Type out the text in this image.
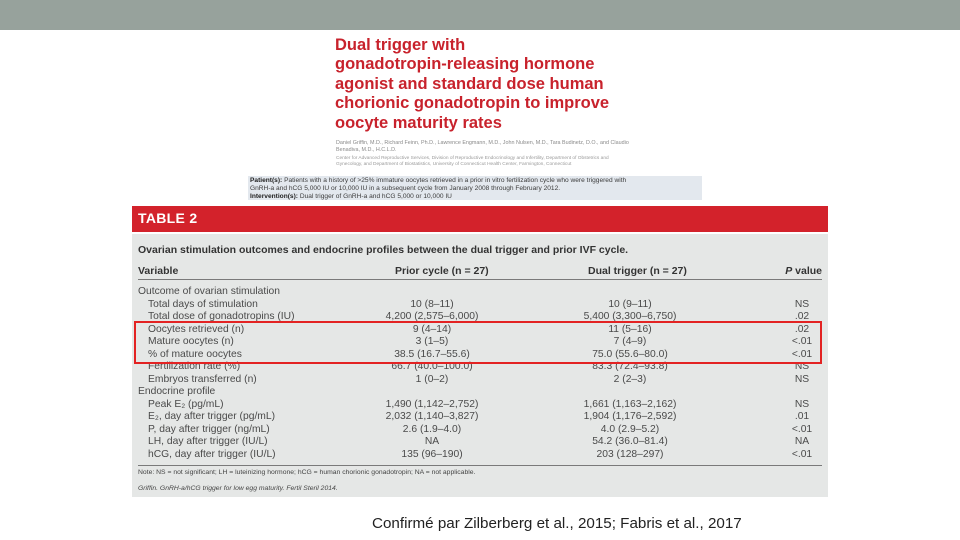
Dual trigger with
gonadotropin-releasing hormone
agonist and standard dose human
chorionic gonadotropin to improve
oocyte maturity rates
Daniel Griffin, M.D., Richard Feinn, Ph.D., Lawrence Engmann, M.D., John Nulsen, M.D., Tara Budinetz, D.O., and Claudio Benadiva, M.D., H.C.L.D.
Center for Advanced Reproductive Services, Division of Reproductive Endocrinology and Infertility, Department of Obstetrics and Gynecology, and Department of Biostatistics, University of Connecticut Health Center, Farmington, Connecticut
Patient(s): Patients with a history of >25% immature oocytes retrieved in a prior in vitro fertilization cycle who were triggered with
GnRH-a and hCG 5,000 IU or 10,000 IU in a subsequent cycle from January 2008 through February 2012.
Intervention(s): Dual trigger of GnRH-a and hCG 5,000 or 10,000 IU
TABLE 2
Ovarian stimulation outcomes and endocrine profiles between the dual trigger and prior IVF cycle.
Variable	Prior cycle (n = 27)	Dual trigger (n = 27)	P value
Outcome of ovarian stimulation
Total days of stimulation	10 (8–11)	10 (9–11)	NS
Total dose of gonadotropins (IU)	4,200 (2,575–6,000)	5,400 (3,300–6,750)	.02
Oocytes retrieved (n)	9 (4–14)	11 (5–16)	.02
Mature oocytes (n)	3 (1–5)	7 (4–9)	<.01
% of mature oocytes	38.5 (16.7–55.6)	75.0 (55.6–80.0)	<.01
Fertilization rate (%)	66.7 (40.0–100.0)	83.3 (72.4–93.8)	NS
Embryos transferred (n)	1 (0–2)	2 (2–3)	NS
Endocrine profile
Peak E₂ (pg/mL)	1,490 (1,142–2,752)	1,661 (1,163–2,162)	NS
E₂, day after trigger (pg/mL)	2,032 (1,140–3,827)	1,904 (1,176–2,592)	.01
P, day after trigger (ng/mL)	2.6 (1.9–4.0)	4.0 (2.9–5.2)	<.01
LH, day after trigger (IU/L)	NA	54.2 (36.0–81.4)	NA
hCG, day after trigger (IU/L)	135 (96–190)	203 (128–297)	<.01
Note: NS = not significant; LH = luteinizing hormone; hCG = human chorionic gonadotropin; NA = not applicable.
Griffin. GnRH-a/hCG trigger for low egg maturity. Fertil Steril 2014.
Confirmé par Zilberberg et al., 2015; Fabris et al., 2017
